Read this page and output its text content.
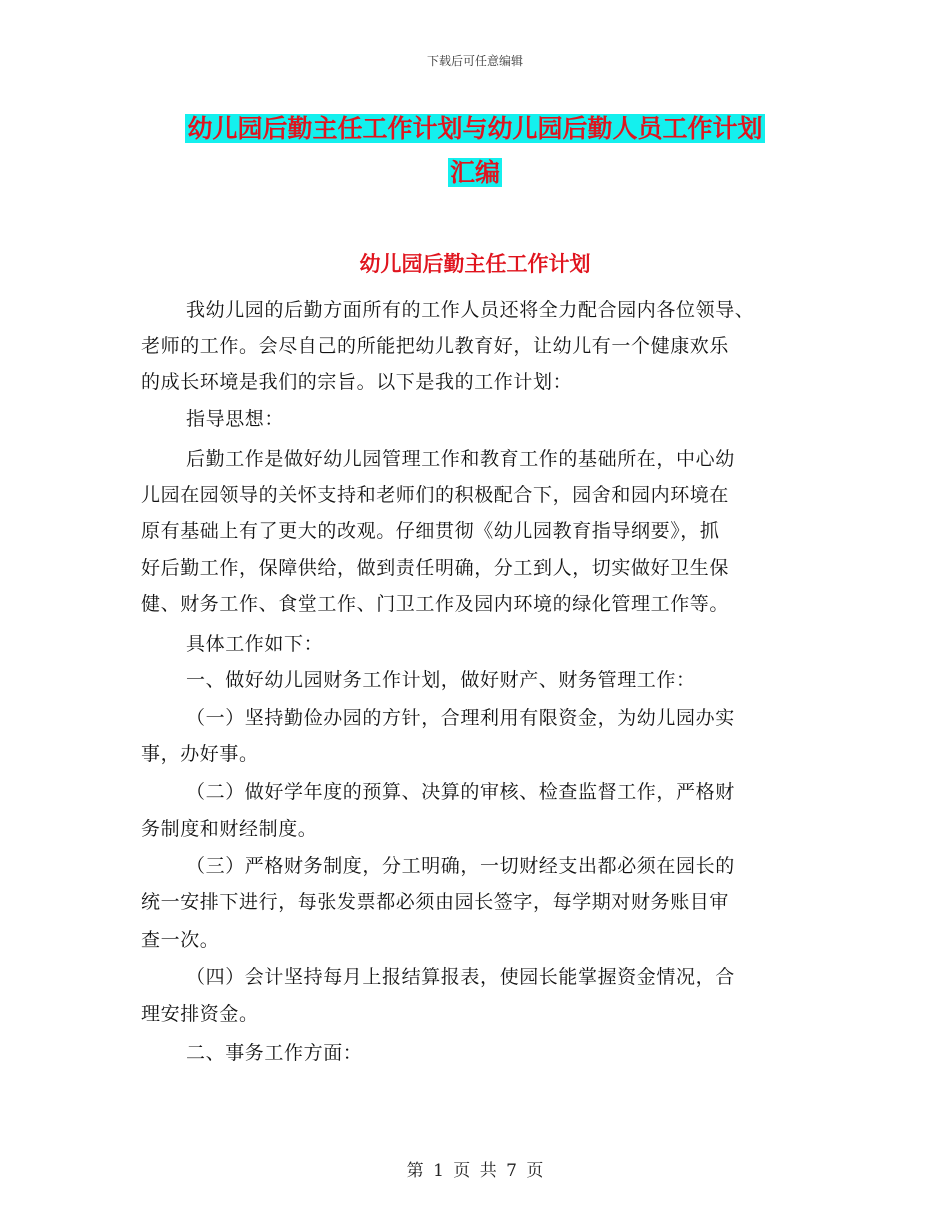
下载后可任意编辑
幼儿园后勤主任工作计划与幼儿园后勤人员工作计划
汇编
幼儿园后勤主任工作计划
我幼儿园的后勤方面所有的工作人员还将全力配合园内各位领导、
老师的工作。会尽自己的所能把幼儿教育好，让幼儿有一个健康欢乐
的成长环境是我们的宗旨。以下是我的工作计划：
指导思想：
后勤工作是做好幼儿园管理工作和教育工作的基础所在，中心幼
儿园在园领导的关怀支持和老师们的积极配合下，园舍和园内环境在
原有基础上有了更大的改观。仔细贯彻《幼儿园教育指导纲要》，抓
好后勤工作，保障供给，做到责任明确，分工到人，切实做好卫生保
健、财务工作、食堂工作、门卫工作及园内环境的绿化管理工作等。
具体工作如下：
一、做好幼儿园财务工作计划，做好财产、财务管理工作：
（一）坚持勤俭办园的方针，合理利用有限资金，为幼儿园办实
事，办好事。
（二）做好学年度的预算、决算的审核、检查监督工作，严格财
务制度和财经制度。
（三）严格财务制度，分工明确，一切财经支出都必须在园长的
统一安排下进行，每张发票都必须由园长签字，每学期对财务账目审
查一次。
（四）会计坚持每月上报结算报表，使园长能掌握资金情况，合
理安排资金。
二、事务工作方面：
第 1 页 共 7 页
